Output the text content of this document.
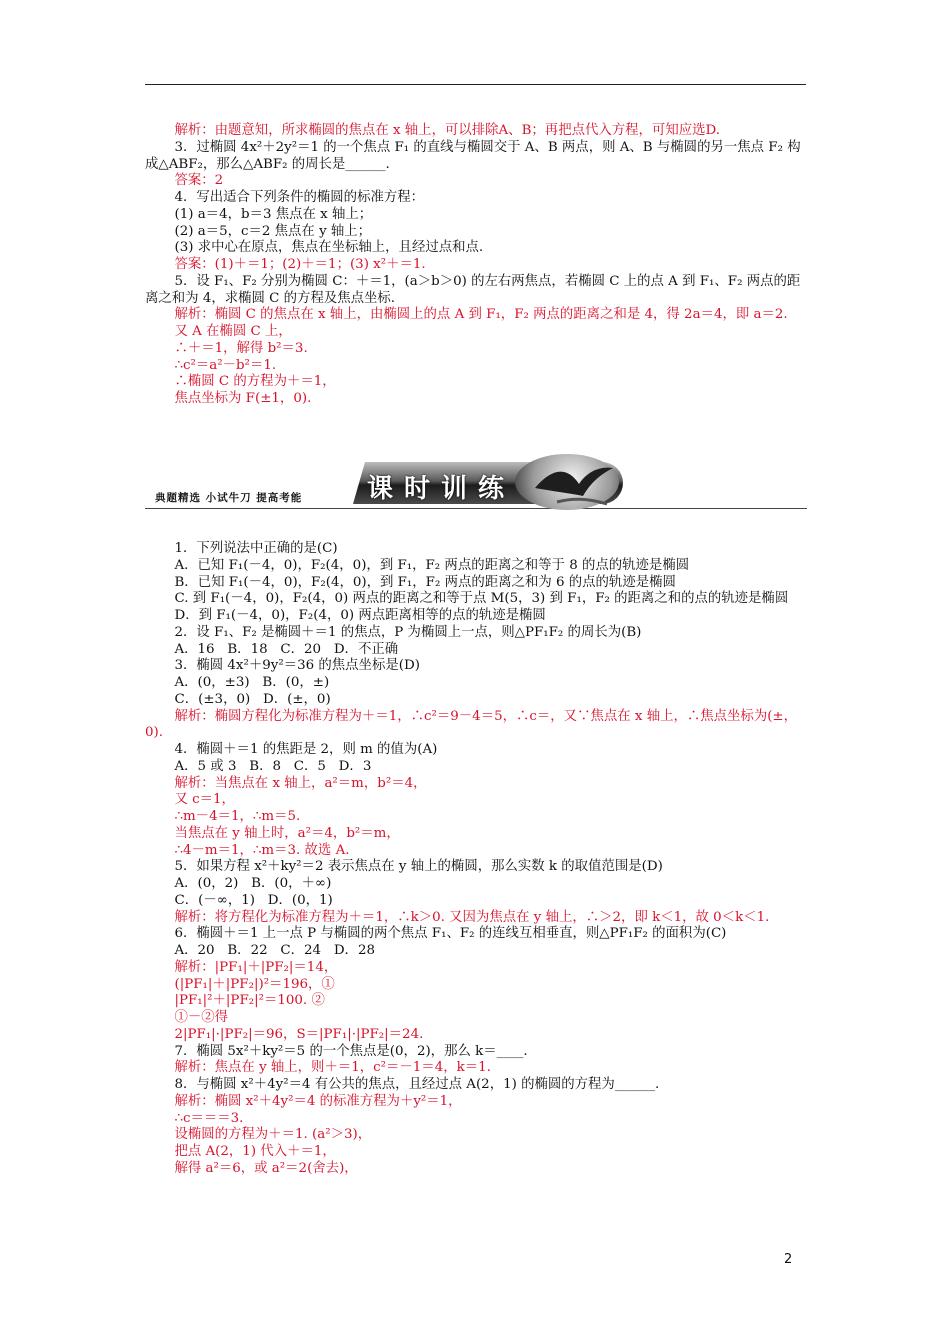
解析：由题意知，所求椭圆的焦点在 x 轴上，可以排除A、B；再把点代入方程，可知应选D.
3．过椭圆 4x²＋2y²＝1 的一个焦点 F₁ 的直线与椭圆交于 A、B 两点，则 A、B 与椭圆的另一焦点 F₂ 构成△ABF₂，那么△ABF₂ 的周长是______.
答案：2
4．写出适合下列条件的椭圆的标准方程：
(1) a＝4，b＝3 焦点在 x 轴上；
(2) a＝5，c＝2 焦点在 y 轴上；
(3) 求中心在原点，焦点在坐标轴上，且经过点和点.
答案：(1)＋＝1；(2)＋＝1；(3) x²＋＝1.
5．设 F₁、F₂ 分别为椭圆 C：＋＝1，(a＞b＞0) 的左右两焦点，若椭圆 C 上的点 A 到 F₁、F₂ 两点的距离之和为 4，求椭圆 C 的方程及焦点坐标.
解析：椭圆 C 的焦点在 x 轴上，由椭圆上的点 A 到 F₁，F₂ 两点的距离之和是 4，得 2a＝4，即 a＝2.
又 A 在椭圆 C 上，
∴＋＝1，解得 b²＝3.
∴c²＝a²－b²＝1.
∴椭圆 C 的方程为＋＝1，
焦点坐标为 F(±1，0).
课时训练
典题精选 小试牛刀 提高考能
1．下列说法中正确的是(C)
A．已知 F₁(－4，0)，F₂(4，0)，到 F₁，F₂ 两点的距离之和等于 8 的点的轨迹是椭圆
B．已知 F₁(－4，0)，F₂(4，0)，到 F₁，F₂ 两点的距离之和为 6 的点的轨迹是椭圆
C. 到 F₁(－4，0)，F₂(4，0) 两点的距离之和等于点 M(5，3) 到 F₁，F₂ 的距离之和的点的轨迹是椭圆
D．到 F₁(－4，0)，F₂(4，0) 两点距离相等的点的轨迹是椭圆
2．设 F₁、F₂ 是椭圆＋＝1 的焦点，P 为椭圆上一点，则△PF₁F₂ 的周长为(B)
A．16   B．18   C．20   D．不正确
3．椭圆 4x²＋9y²＝36 的焦点坐标是(D)
A．(0，±3)   B．(0，±)
C．(±3，0)   D．(±，0)
解析：椭圆方程化为标准方程为＋＝1，∴c²＝9－4＝5，∴c＝，又∵焦点在 x 轴上，∴焦点坐标为(±，0).
4．椭圆＋＝1 的焦距是 2，则 m 的值为(A)
A．5 或 3   B．8   C．5   D．3
解析：当焦点在 x 轴上，a²＝m，b²＝4，
又 c＝1，
∴m－4＝1，∴m＝5.
当焦点在 y 轴上时，a²＝4，b²＝m，
∴4－m＝1，∴m＝3. 故选 A.
5．如果方程 x²＋ky²＝2 表示焦点在 y 轴上的椭圆，那么实数 k 的取值范围是(D)
A．(0，2)   B．(0，＋∞)
C．(－∞，1)   D．(0，1)
解析：将方程化为标准方程为＋＝1，∴k＞0. 又因为焦点在 y 轴上，∴＞2，即 k＜1，故 0＜k＜1.
6．椭圆＋＝1 上一点 P 与椭圆的两个焦点 F₁、F₂ 的连线互相垂直，则△PF₁F₂ 的面积为(C)
A．20   B．22   C．24   D．28
解析：|PF₁|＋|PF₂|＝14，
(|PF₁|＋|PF₂|)²＝196，①
|PF₁|²＋|PF₂|²＝100. ②
①－②得
2|PF₁|·|PF₂|＝96，S＝|PF₁|·|PF₂|＝24.
7．椭圆 5x²＋ky²＝5 的一个焦点是(0，2)，那么 k＝____.
解析：焦点在 y 轴上，则＋＝1，c²＝－1＝4，k＝1.
8．与椭圆 x²＋4y²＝4 有公共的焦点，且经过点 A(2，1) 的椭圆的方程为______.
解析：椭圆 x²＋4y²＝4 的标准方程为＋y²＝1，
∴c＝＝＝3.
设椭圆的方程为＋＝1. (a²＞3)，
把点 A(2，1) 代入＋＝1，
解得 a²＝6，或 a²＝2(舍去)，
2
